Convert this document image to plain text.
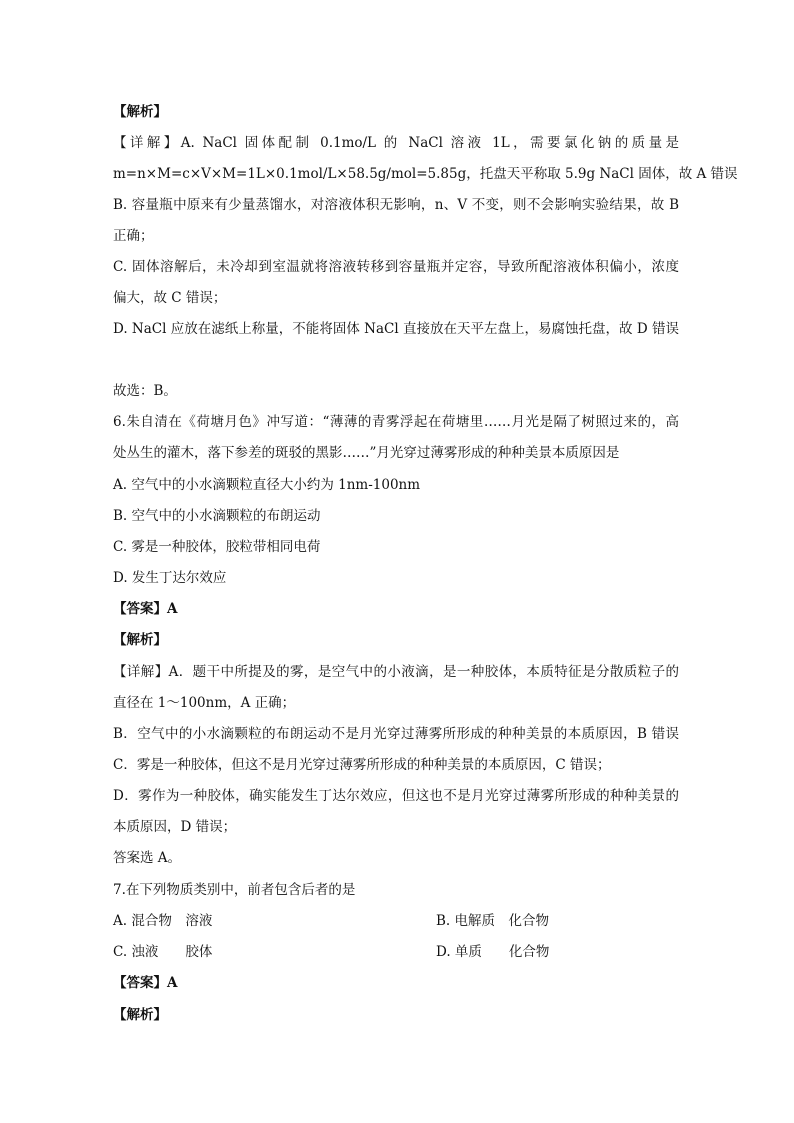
【解析】
【详解】A. NaCl 固体配制 0.1mo/L 的 NaCl 溶液 1L，需要氯化钠的质量是
m=n×M=c×V×M=1L×0.1mol/L×58.5g/mol=5.85g，托盘天平称取 5.9g NaCl 固体，故 A 错误
B. 容量瓶中原来有少量蒸馏水，对溶液体积无影响，n、V 不变，则不会影响实验结果，故 B
正确；
C. 固体溶解后，未冷却到室温就将溶液转移到容量瓶并定容，导致所配溶液体积偏小，浓度
偏大，故 C 错误；
D. NaCl 应放在滤纸上称量，不能将固体 NaCl 直接放在天平左盘上，易腐蚀托盘，故 D 错误
故选：B。
6.朱自清在《荷塘月色》冲写道：“薄薄的青雾浮起在荷塘里……月光是隔了树照过来的，高
处丛生的灌木，落下参差的斑驳的黑影……”月光穿过薄雾形成的种种美景本质原因是
A. 空气中的小水滴颗粒直径大小约为 1nm-100nm
B. 空气中的小水滴颗粒的布朗运动
C. 雾是一种胶体，胶粒带相同电荷
D. 发生丁达尔效应
【答案】A
【解析】
【详解】A．题干中所提及的雾，是空气中的小液滴，是一种胶体，本质特征是分散质粒子的
直径在 1～100nm，A 正确；
B．空气中的小水滴颗粒的布朗运动不是月光穿过薄雾所形成的种种美景的本质原因，B 错误
C．雾是一种胶体，但这不是月光穿过薄雾所形成的种种美景的本质原因，C 错误；
D．雾作为一种胶体，确实能发生丁达尔效应，但这也不是月光穿过薄雾所形成的种种美景的
本质原因，D 错误；
答案选 A。
7.在下列物质类别中，前者包含后者的是
A. 混合物　溶液	B. 电解质　化合物
C. 浊液　　胶体	D. 单质　　化合物
【答案】A
【解析】
